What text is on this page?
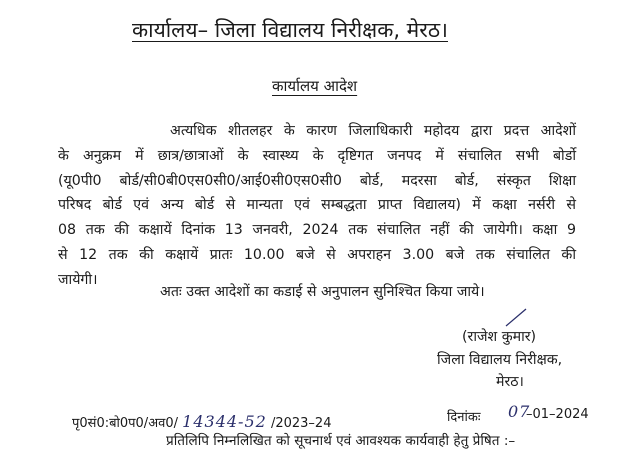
कार्यालय– जिला विद्यालय निरीक्षक, मेरठ।
कार्यालय आदेश
अत्यधिक शीतलहर के कारण जिलाधिकारी महोदय द्वारा प्रदत्त आदेशों
के अनुक्रम में छात्र/छात्राओं के स्वास्थ्य के दृष्टिगत जनपद में संचालित सभी बोर्डो
(यू0पी0 बोर्ड/सी0बी0एस0सी0/आई0सी0एस0सी0 बोर्ड, मदरसा बोर्ड, संस्कृत शिक्षा
परिषद बोर्ड एवं अन्य बोर्ड से मान्यता एवं सम्बद्धता प्राप्त विद्यालय) में कक्षा नर्सरी से
08 तक की कक्षायें दिनांक 13 जनवरी, 2024 तक संचालित नहीं की जायेगी। कक्षा 9
से 12 तक की कक्षायें प्रातः 10.00 बजे से अपराहन 3.00 बजे तक संचालित की
जायेगी।
अतः उक्त आदेशों का कडाई से अनुपालन सुनिश्चित किया जाये।
(राजेश कुमार)
जिला विद्यालय निरीक्षक,
मेरठ।
पृ0सं0:बो0प0/अव0/ 14344-52 /2023–24	दिनांकः 07
–01–2024
प्रतिलिपि निम्नलिखित को सूचनार्थ एवं आवश्यक कार्यवाही हेतु प्रेषित :–
